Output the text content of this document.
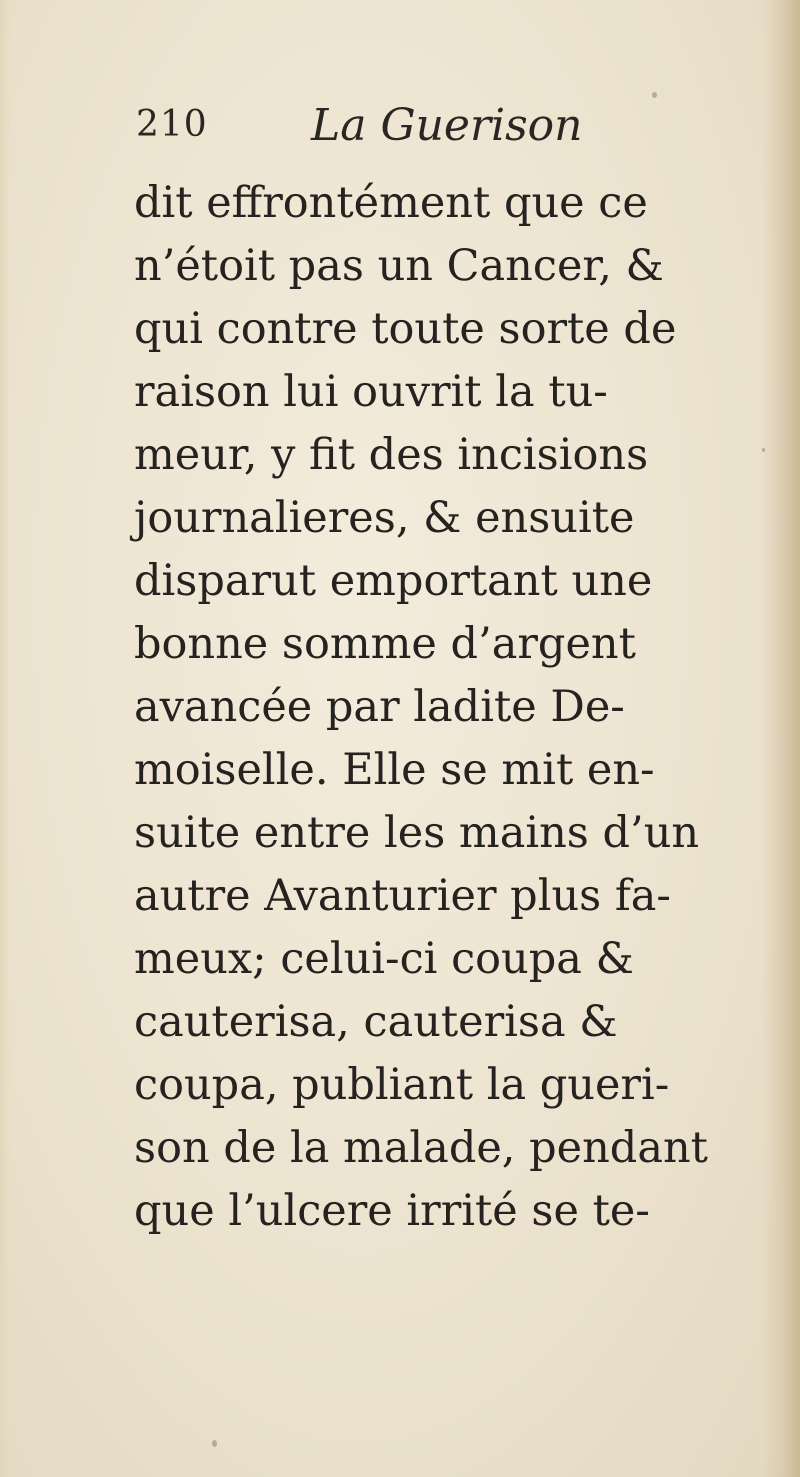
210 La Guerison
dit effrontément que ce
n’étoit pas un Cancer, &
qui contre toute sorte de
raison lui ouvrit la tu-
meur, y fit des incisions
journalieres, & ensuite
disparut emportant une
bonne somme d’argent
avancée par ladite De-
moiselle. Elle se mit en-
suite entre les mains d’un
autre Avanturier plus fa-
meux; celui-ci coupa &
cauterisa, cauterisa &
coupa, publiant la gueri-
son de la malade, pendant
que l’ulcere irrité se te-
